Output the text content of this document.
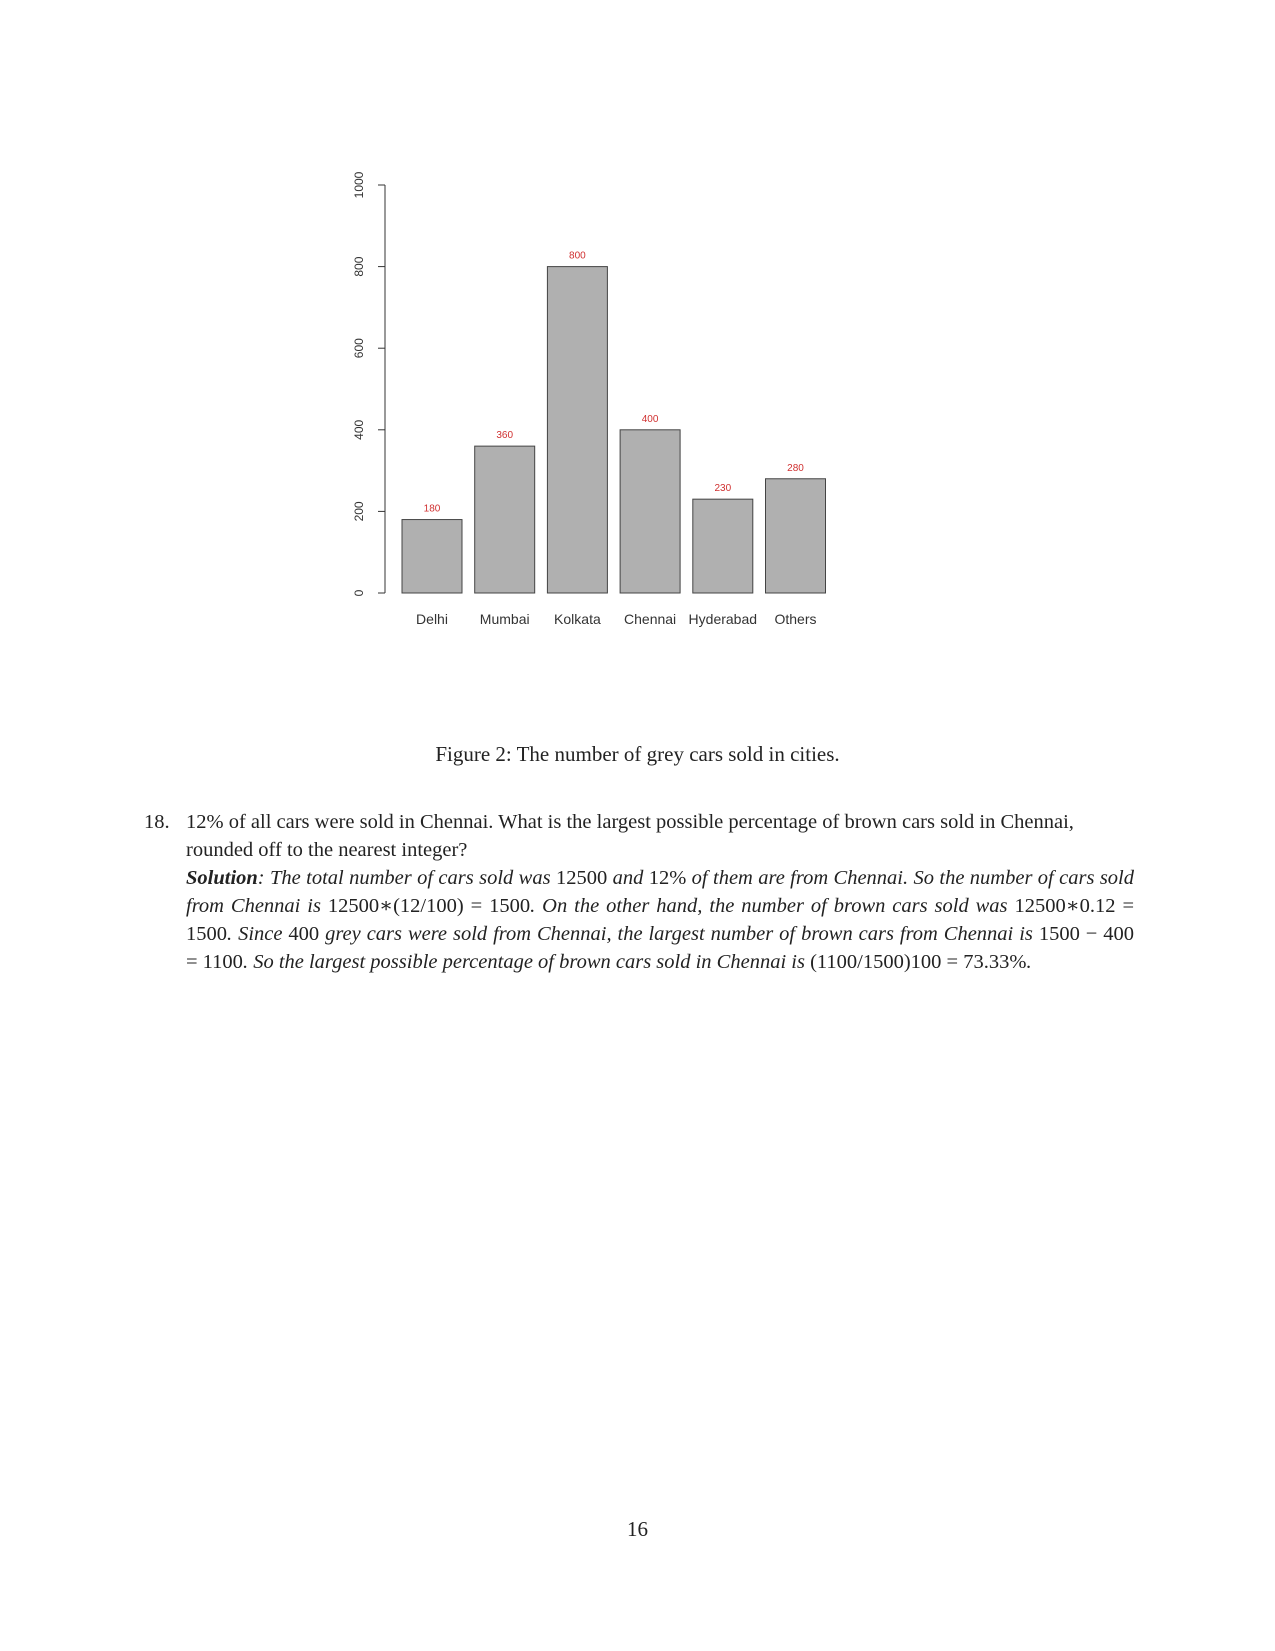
0
200
400
600
800
1000
180
Delhi
360
Mumbai
800
Kolkata
400
Chennai
230
Hyderabad
280
Others
Figure 2: The number of grey cars sold in cities.
18. 12% of all cars were sold in Chennai. What is the largest possible percentage of brown cars sold in Chennai, rounded off to the nearest integer?
Solution: The total number of cars sold was 12500 and 12% of them are from Chennai. So the number of cars sold from Chennai is 12500∗(12/100) = 1500. On the other hand, the number of brown cars sold was 12500∗0.12 = 1500. Since 400 grey cars were sold from Chennai, the largest number of brown cars from Chennai is 1500 − 400 = 1100. So the largest possible percentage of brown cars sold in Chennai is (1100/1500)100 = 73.33%.
16
